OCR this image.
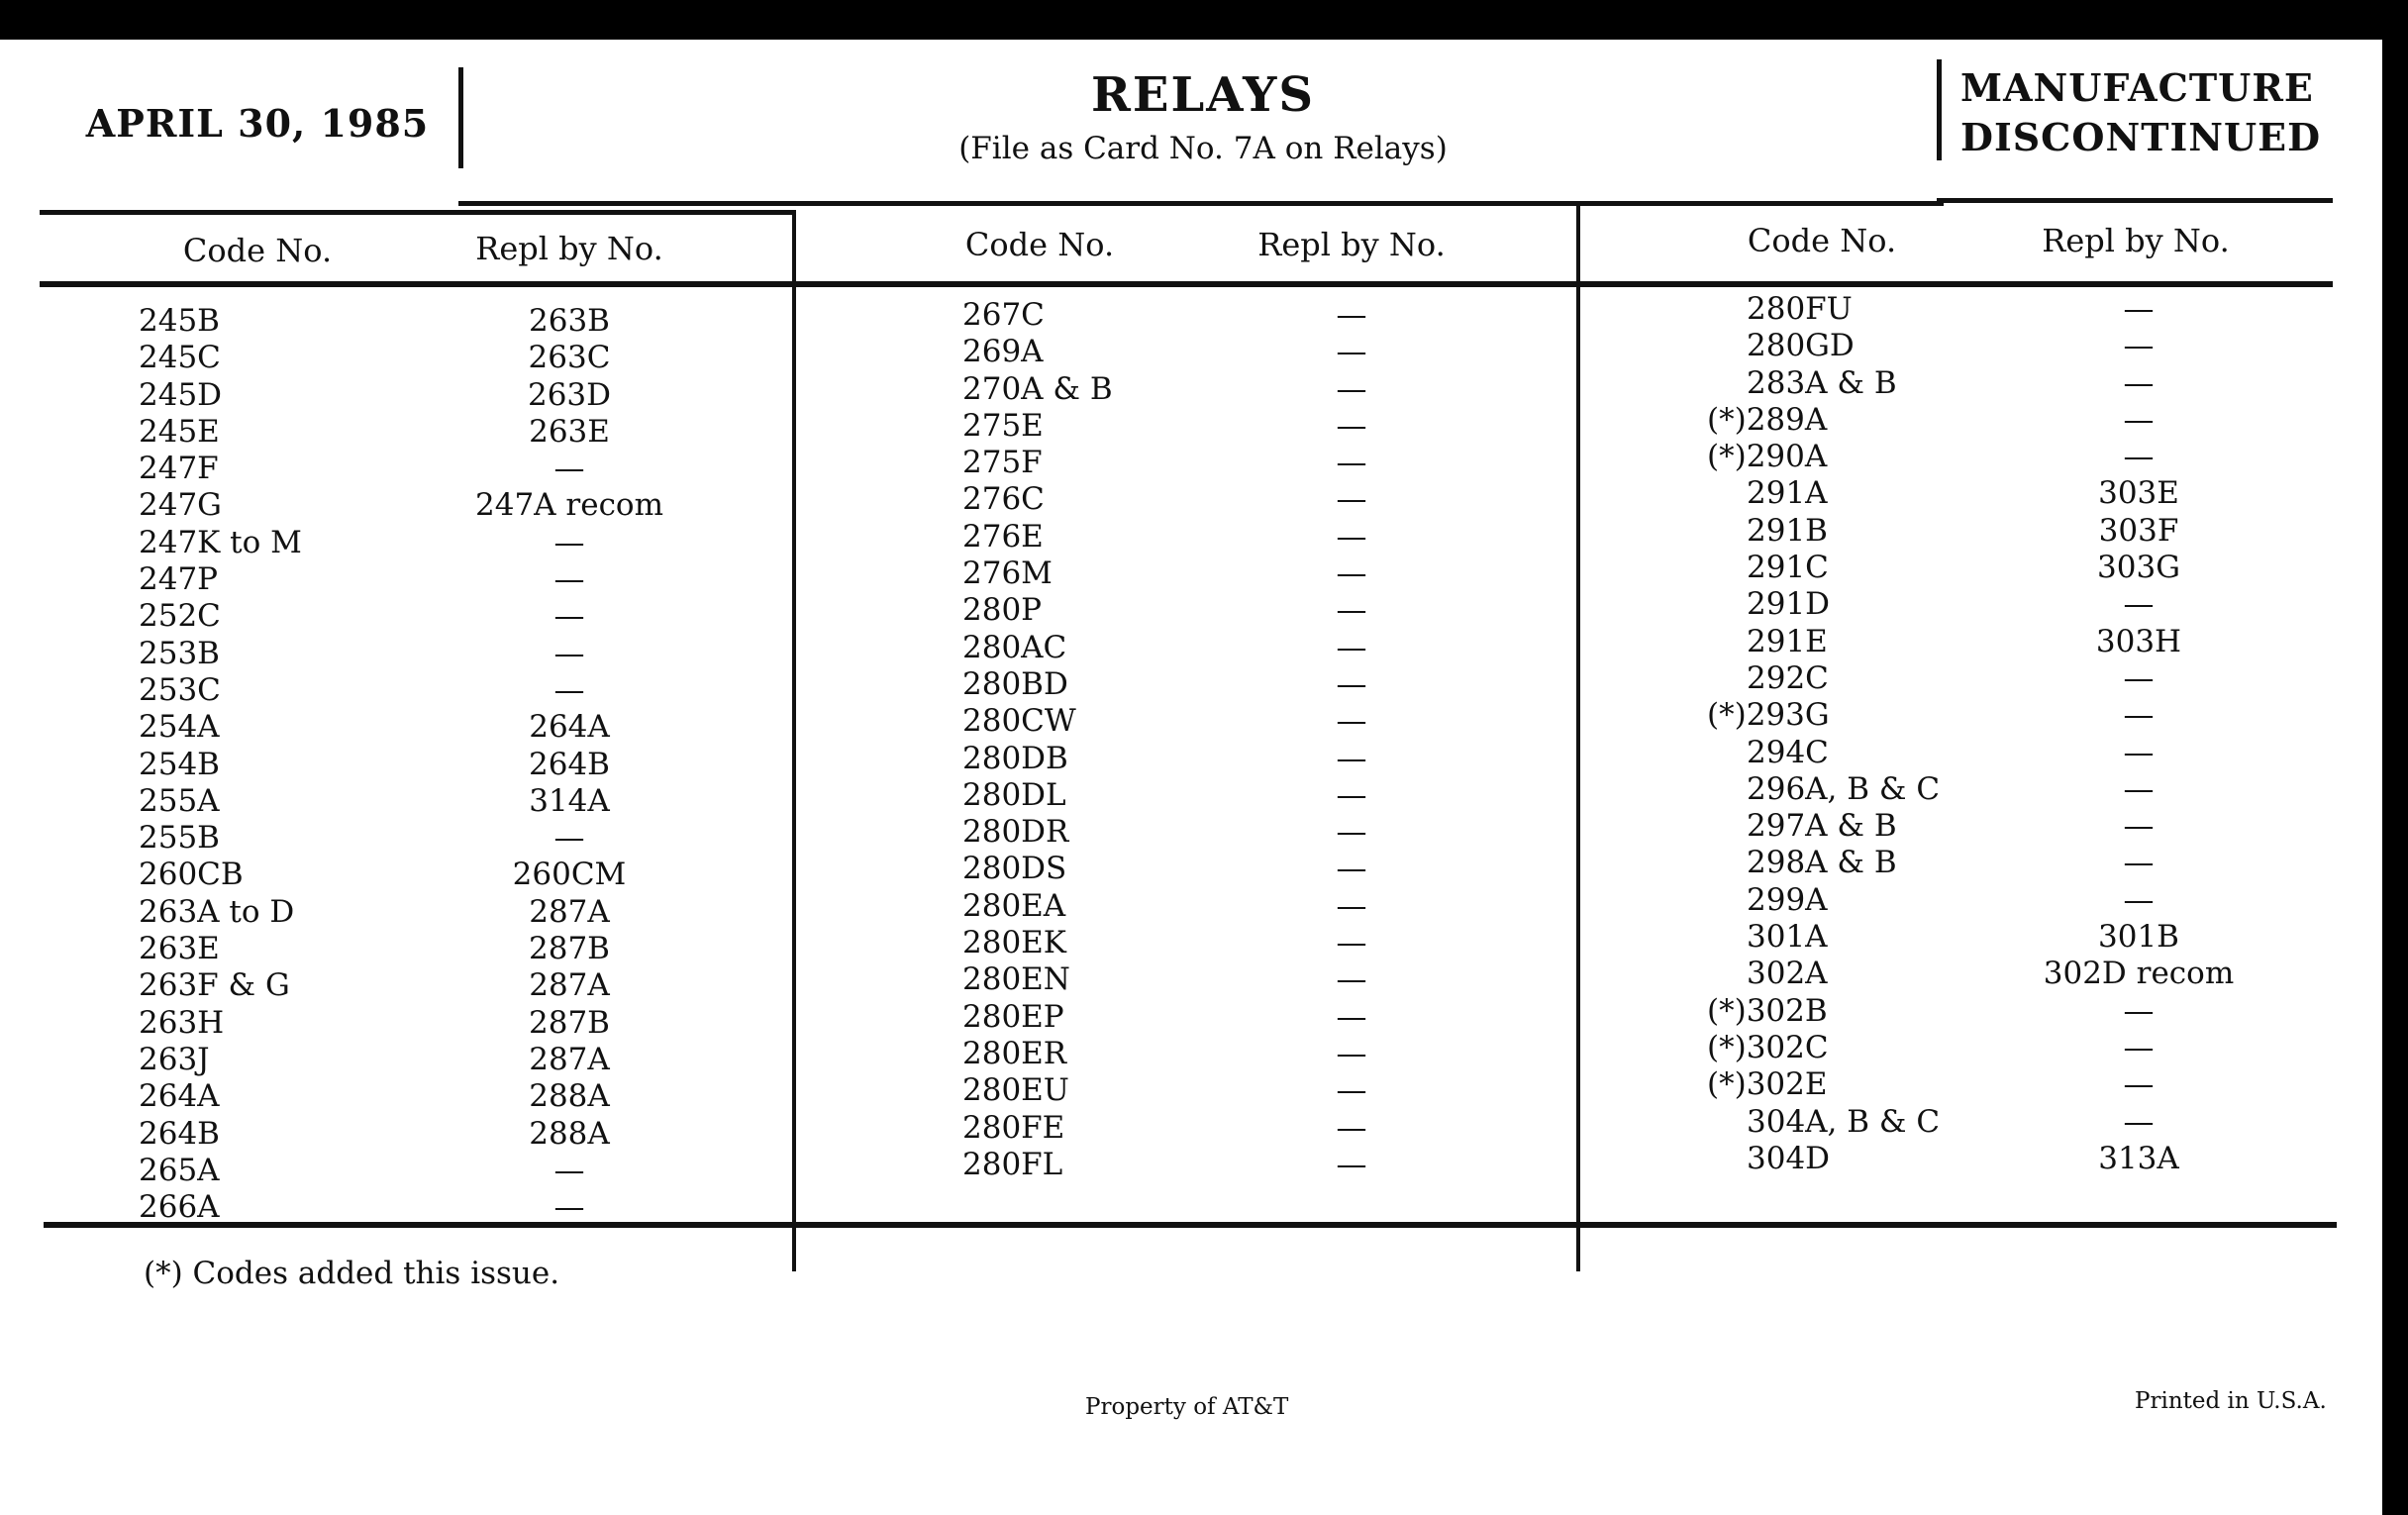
APRIL 30, 1985
RELAYS
(File as Card No. 7A on Relays)
MANUFACTURE
DISCONTINUED
Code No.	Repl by No.	Code No.	Repl by No.	Code No.	Repl by No.
245B	263B
245C	263C
245D	263D
245E	263E
247F	—
247G	247A recom
247K to M	—
247P	—
252C	—
253B	—
253C	—
254A	264A
254B	264B
255A	314A
255B	—
260CB	260CM
263A to D	287A
263E	287B
263F & G	287A
263H	287B
263J	287A
264A	288A
264B	288A
265A	—
266A	—
267C	—
269A	—
270A & B	—
275E	—
275F	—
276C	—
276E	—
276M	—
280P	—
280AC	—
280BD	—
280CW	—
280DB	—
280DL	—
280DR	—
280DS	—
280EA	—
280EK	—
280EN	—
280EP	—
280ER	—
280EU	—
280FE	—
280FL	—
280FU	—
280GD	—
283A & B	—
(*)289A	—
(*)290A	—
291A	303E
291B	303F
291C	303G
291D	—
291E	303H
292C	—
(*)293G	—
294C	—
296A, B & C	—
297A & B	—
298A & B	—
299A	—
301A	301B
302A	302D recom
(*)302B	—
(*)302C	—
(*)302E	—
304A, B & C	—
304D	313A
(*) Codes added this issue.
Property of AT&T	Printed in U.S.A.
